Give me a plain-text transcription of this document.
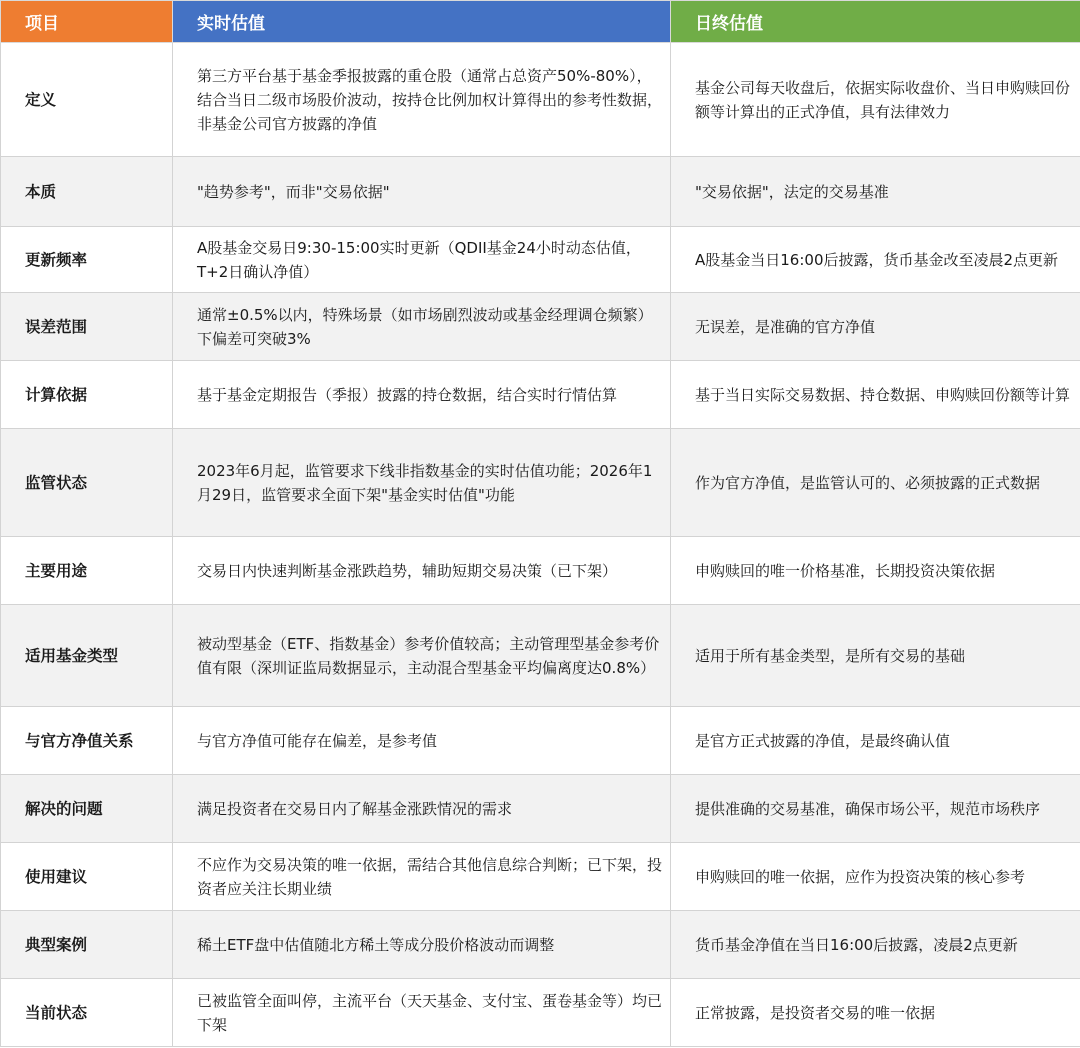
项目	实时估值	日终估值
定义	第三方平台基于基金季报披露的重仓股（通常占总资产50%-80%），结合当日二级市场股价波动，按持仓比例加权计算得出的参考性数据，非基金公司官方披露的净值	基金公司每天收盘后，依据实际收盘价、当日申购赎回份额等计算出的正式净值，具有法律效力
本质	"趋势参考"，而非"交易依据"	"交易依据"，法定的交易基准
更新频率	A股基金交易日9:30-15:00实时更新（QDII基金24小时动态估值，T+2日确认净值）	A股基金当日16:00后披露，货币基金改至凌晨2点更新
误差范围	通常±0.5%以内，特殊场景（如市场剧烈波动或基金经理调仓频繁）下偏差可突破3%	无误差，是准确的官方净值
计算依据	基于基金定期报告（季报）披露的持仓数据，结合实时行情估算	基于当日实际交易数据、持仓数据、申购赎回份额等计算
监管状态	2023年6月起，监管要求下线非指数基金的实时估值功能；2026年1月29日，监管要求全面下架"基金实时估值"功能	作为官方净值，是监管认可的、必须披露的正式数据
主要用途	交易日内快速判断基金涨跌趋势，辅助短期交易决策（已下架）	申购赎回的唯一价格基准，长期投资决策依据
适用基金类型	被动型基金（ETF、指数基金）参考价值较高；主动管理型基金参考价值有限（深圳证监局数据显示，主动混合型基金平均偏离度达0.8%）	适用于所有基金类型，是所有交易的基础
与官方净值关系	与官方净值可能存在偏差，是参考值	是官方正式披露的净值，是最终确认值
解决的问题	满足投资者在交易日内了解基金涨跌情况的需求	提供准确的交易基准，确保市场公平，规范市场秩序
使用建议	不应作为交易决策的唯一依据，需结合其他信息综合判断；已下架，投资者应关注长期业绩	申购赎回的唯一依据，应作为投资决策的核心参考
典型案例	稀土ETF盘中估值随北方稀土等成分股价格波动而调整	货币基金净值在当日16:00后披露，凌晨2点更新
当前状态	已被监管全面叫停，主流平台（天天基金、支付宝、蛋卷基金等）均已下架	正常披露，是投资者交易的唯一依据
